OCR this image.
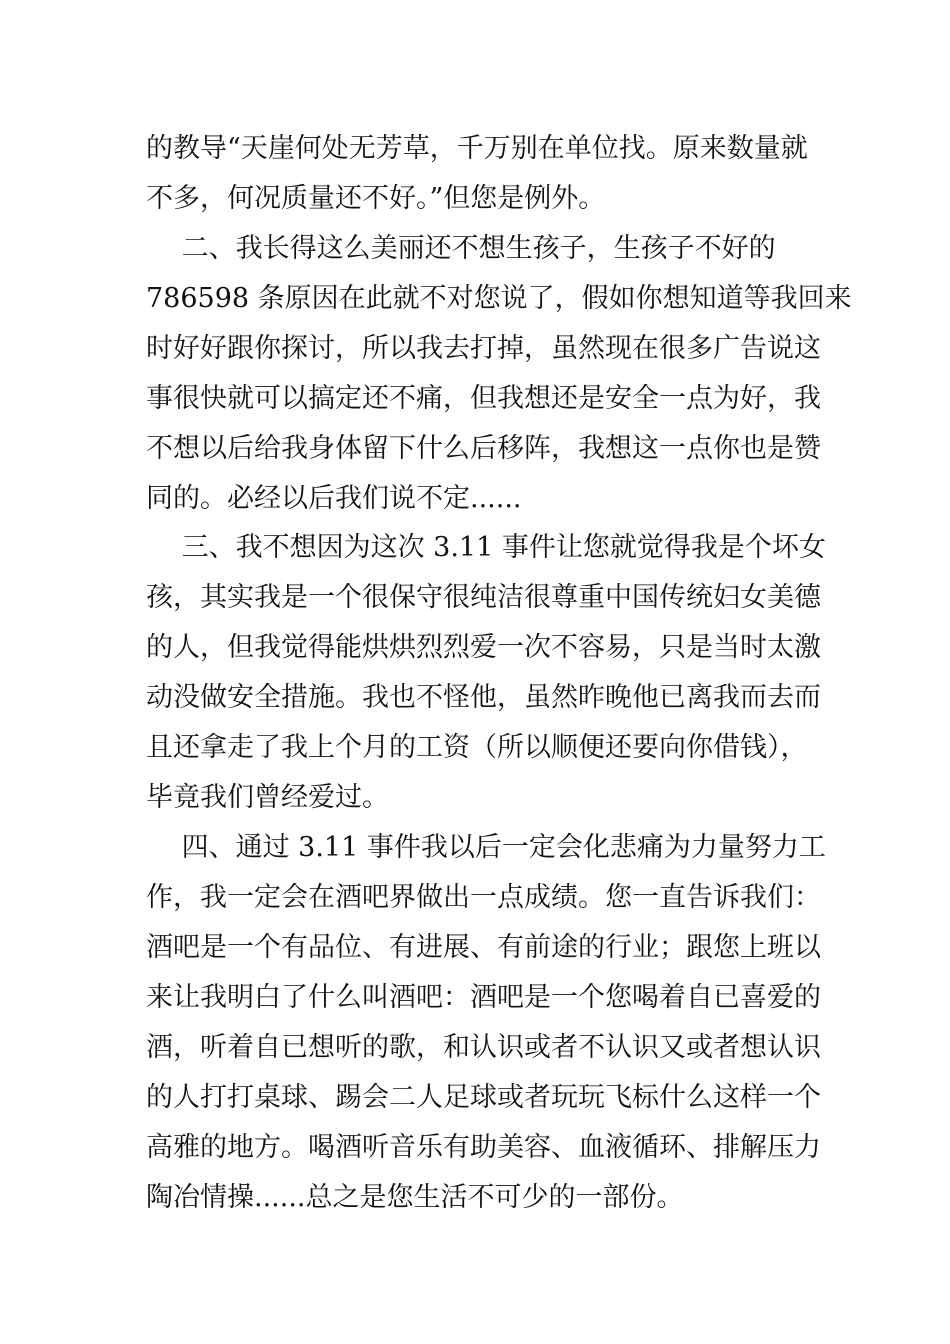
的教导“天崖何处无芳草，千万别在单位找。原来数量就
不多，何况质量还不好。”但您是例外。
　 二、我长得这么美丽还不想生孩子，生孩子不好的
786598 条原因在此就不对您说了，假如你想知道等我回来
时好好跟你探讨，所以我去打掉，虽然现在很多广告说这
事很快就可以搞定还不痛，但我想还是安全一点为好，我
不想以后给我身体留下什么后移阵，我想这一点你也是赞
同的。必经以后我们说不定......
　 三、我不想因为这次 3.11 事件让您就觉得我是个坏女
孩，其实我是一个很保守很纯洁很尊重中国传统妇女美德
的人，但我觉得能烘烘烈烈爱一次不容易，只是当时太激
动没做安全措施。我也不怪他，虽然昨晚他已离我而去而
且还拿走了我上个月的工资（所以顺便还要向你借钱），
毕竟我们曾经爱过。
　 四、通过 3.11 事件我以后一定会化悲痛为力量努力工
作，我一定会在酒吧界做出一点成绩。您一直告诉我们：
酒吧是一个有品位、有进展、有前途的行业；跟您上班以
来让我明白了什么叫酒吧：酒吧是一个您喝着自已喜爱的
酒，听着自已想听的歌，和认识或者不认识又或者想认识
的人打打桌球、踢会二人足球或者玩玩飞标什么这样一个
高雅的地方。喝酒听音乐有助美容、血液循环、排解压力
陶冶情操......总之是您生活不可少的一部份。
